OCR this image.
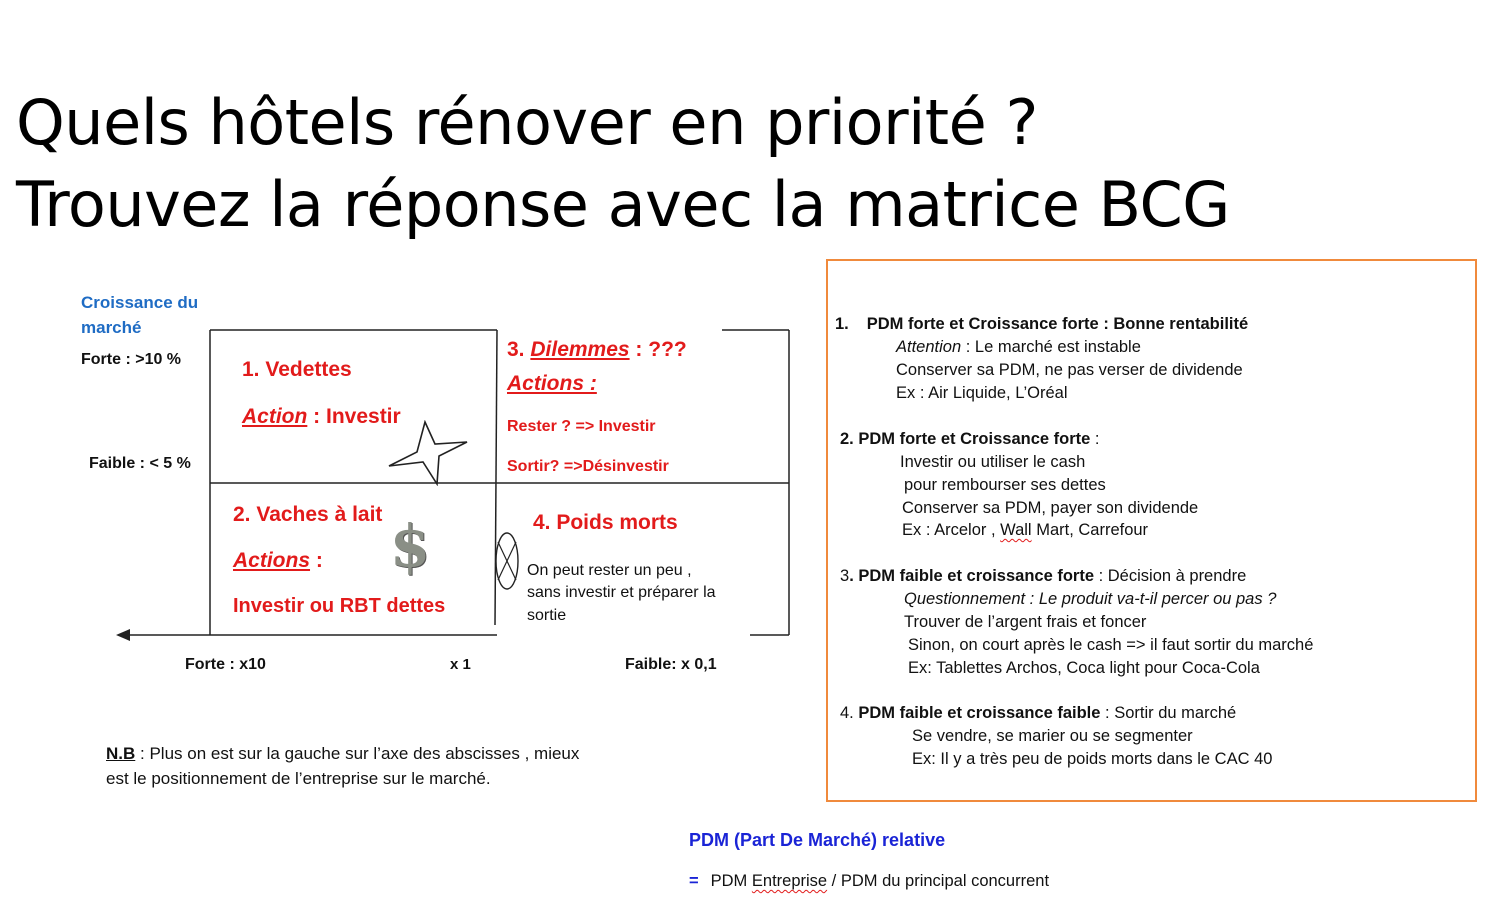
Quels hôtels rénover en priorité ?
Trouvez la réponse avec la matrice BCG
Croissance du
marché
Forte : >10 %
Faible : < 5 %
$
1. Vedettes
Action : Investir
3. Dilemmes : ???
Actions :
Rester ? => Investir
Sortir? =>Désinvestir
2. Vaches à lait
Actions :
Investir ou RBT dettes
4. Poids morts
On peut rester un peu ,
sans investir et préparer la
sortie
Forte : x10	x 1	Faible: x 0,1
N.B : Plus on est sur la gauche sur l’axe des abscisses , mieux
est le positionnement de l’entreprise sur le marché.
1. PDM forte et Croissance forte : Bonne rentabilité
Attention : Le marché est instable
Conserver sa PDM, ne pas verser de dividende
Ex : Air Liquide, L’Oréal
2. PDM forte et Croissance forte :
Investir ou utiliser le cash
pour rembourser ses dettes
Conserver sa PDM, payer son dividende
Ex : Arcelor , Wall Mart, Carrefour
3. PDM faible et croissance forte : Décision à prendre
Questionnement : Le produit va-t-il percer ou pas ?
Trouver de l’argent frais et foncer
Sinon, on court après le cash => il faut sortir du marché
Ex: Tablettes Archos, Coca light pour Coca-Cola
4. PDM faible et croissance faible : Sortir du marché
Se vendre, se marier ou se segmenter
Ex: Il y a très peu de poids morts dans le CAC 40
PDM (Part De Marché) relative
= PDM Entreprise / PDM du principal concurrent
